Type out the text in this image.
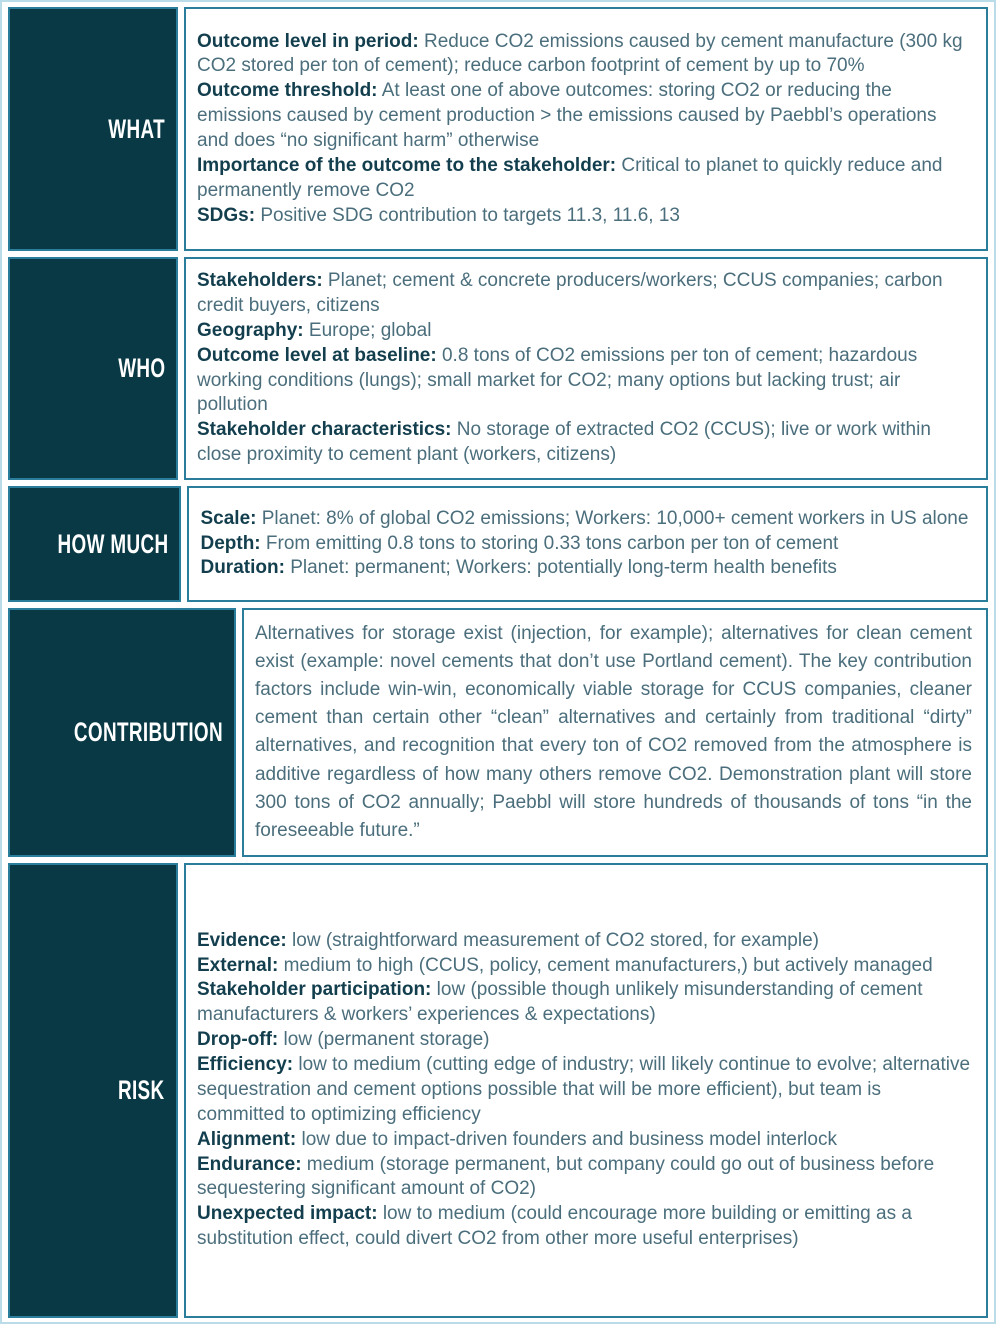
WHAT
Outcome level in period: Reduce CO2 emissions caused by cement manufacture (300 kg CO2 stored per ton of cement); reduce carbon footprint of cement by up to 70%
Outcome threshold: At least one of above outcomes: storing CO2 or reducing the emissions caused by cement production > the emissions caused by Paebbl’s operations and does “no significant harm” otherwise
Importance of the outcome to the stakeholder: Critical to planet to quickly reduce and permanently remove CO2
SDGs: Positive SDG contribution to targets 11.3, 11.6, 13
WHO
Stakeholders: Planet; cement & concrete producers/workers; CCUS companies; carbon credit buyers, citizens
Geography: Europe; global
Outcome level at baseline: 0.8 tons of CO2 emissions per ton of cement; hazardous working conditions (lungs); small market for CO2; many options but lacking trust; air pollution
Stakeholder characteristics: No storage of extracted CO2 (CCUS); live or work within close proximity to cement plant (workers, citizens)
HOW MUCH
Scale: Planet: 8% of global CO2 emissions; Workers: 10,000+ cement workers in US alone
Depth: From emitting 0.8 tons to storing 0.33 tons carbon per ton of cement
Duration: Planet: permanent; Workers: potentially long-term health benefits
CONTRIBUTION
Alternatives for storage exist (injection, for example); alternatives for clean cement exist (example: novel cements that don’t use Portland cement). The key contribution factors include win-win, economically viable storage for CCUS companies, cleaner cement than certain other “clean” alternatives and certainly from traditional “dirty” alternatives, and recognition that every ton of CO2 removed from the atmosphere is additive regardless of how many others remove CO2. Demonstration plant will store 300 tons of CO2 annually; Paebbl will store hundreds of thousands of tons “in the foreseeable future.”
RISK
Evidence: low (straightforward measurement of CO2 stored, for example)
External: medium to high (CCUS, policy, cement manufacturers,) but actively managed
Stakeholder participation: low (possible though unlikely misunderstanding of cement manufacturers & workers’ experiences & expectations)
Drop-off: low (permanent storage)
Efficiency: low to medium (cutting edge of industry; will likely continue to evolve; alternative sequestration and cement options possible that will be more efficient), but team is committed to optimizing efficiency
Alignment: low due to impact-driven founders and business model interlock
Endurance: medium (storage permanent, but company could go out of business before sequestering significant amount of CO2)
Unexpected impact: low to medium (could encourage more building or emitting as a substitution effect, could divert CO2 from other more useful enterprises)
